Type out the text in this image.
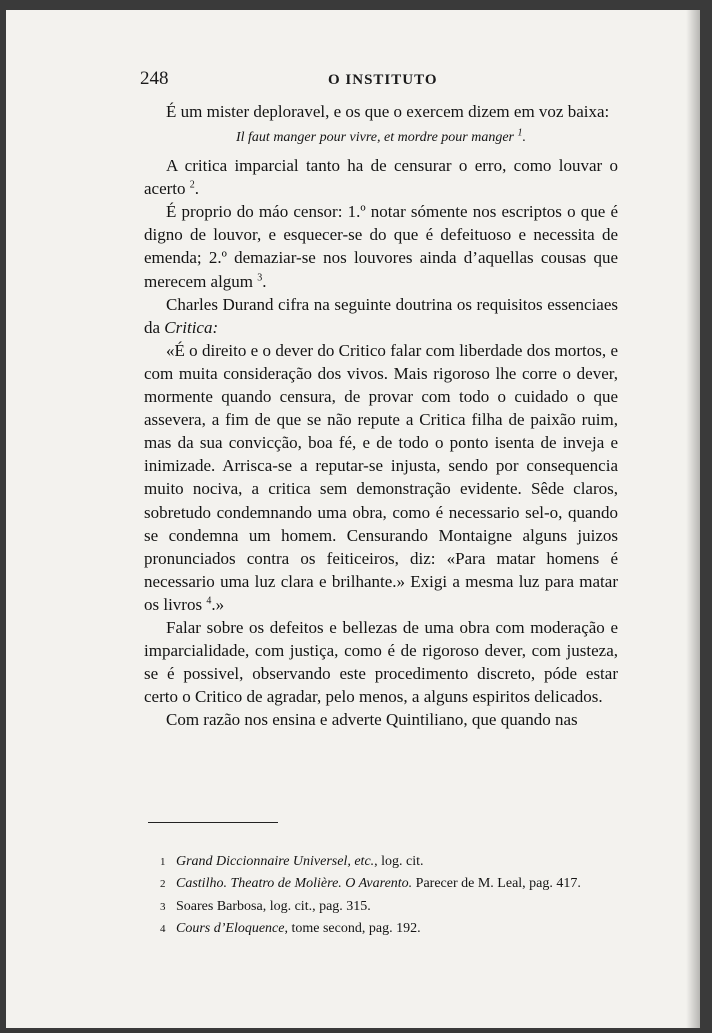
248	O INSTITUTO

É um mister deploravel, e os que o exercem dizem em voz baixa:

Il faut manger pour vivre, et mordre pour manger $^1$.

A critica imparcial tanto ha de censurar o erro, como louvar o acerto $^2$.

É proprio do máo censor: 1.º notar sómente nos escriptos o que é digno de louvor, e esquecer-se do que é defeituoso e necessita de emenda; 2.º demaziar-se nos louvores ainda d’aquellas cousas que merecem algum $^3$.

Charles Durand cifra na seguinte doutrina os requisitos essenciaes da Critica:

«É o direito e o dever do Critico falar com liberdade dos mortos, e com muita consideração dos vivos. Mais rigoroso lhe corre o dever, mormente quando censura, de provar com todo o cuidado o que assevera, a fim de que se não repute a Critica filha de paixão ruim, mas da sua convicção, boa fé, e de todo o ponto isenta de inveja e inimizade. Arrisca-se a reputar-se injusta, sendo por consequencia muito nociva, a critica sem demonstração evidente. Sêde claros, sobretudo condemnando uma obra, como é necessario sel-o, quando se condemna um homem. Censurando Montaigne alguns juizos pronunciados contra os feiticeiros, diz: «Para matar homens é necessario uma luz clara e brilhante.» Exigi a mesma luz para matar os livros $^4$.»

Falar sobre os defeitos e bellezas de uma obra com moderação e imparcialidade, com justiça, como é de rigoroso dever, com justeza, se é possivel, observando este procedimento discreto, póde estar certo o Critico de agradar, pelo menos, a alguns espiritos delicados.

Com razão nos ensina e adverte Quintiliano, que quando nas

1 Grand Diccionnaire Universel, etc., log. cit.
2 Castilho. Theatro de Molière. O Avarento. Parecer de M. Leal, pag. 417.
3 Soares Barbosa, log. cit., pag. 315.
4 Cours d’Eloquence, tome second, pag. 192.
